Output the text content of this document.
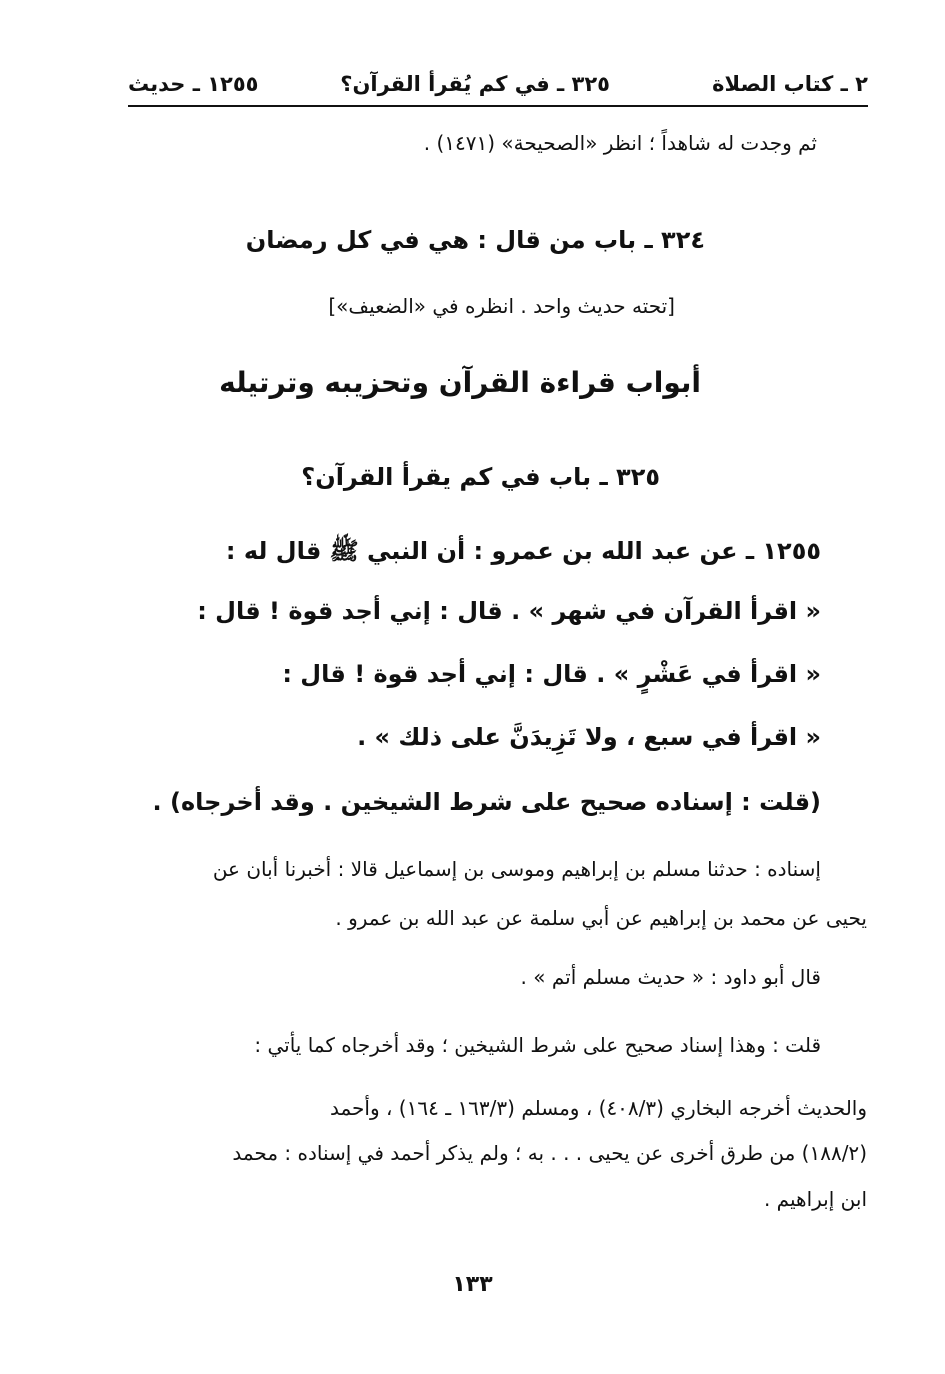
٢ ـ كتاب الصلاة
٣٢٥ ـ في كم يُقرأ القرآن؟
١٢٥٥ ـ حديث
ثم وجدت له شاهداً ؛ انظر «الصحيحة» (١٤٧١) .
٣٢٤ ـ باب من قال : هي في كل رمضان
[تحته حديث واحد . انظره في «الضعيف»]
أبواب قراءة القرآن وتحزيبه وترتيله
٣٢٥ ـ باب في كم يقرأ القرآن؟
١٢٥٥ ـ عن عبد الله بن عمرو : أن النبي ﷺ قال له :
« اقرأ القرآن في شهر » . قال : إني أجد قوة ! قال :
« اقرأ في عَشْرٍ » . قال : إني أجد قوة ! قال :
« اقرأ في سبع ، ولا تَزِيدَنَّ على ذلك » .
(قلت : إسناده صحيح على شرط الشيخين . وقد أخرجاه) .
إسناده : حدثنا مسلم بن إبراهيم وموسى بن إسماعيل قالا : أخبرنا أبان عن
يحيى عن محمد بن إبراهيم عن أبي سلمة عن عبد الله بن عمرو .
قال أبو داود : « حديث مسلم أتم » .
قلت : وهذا إسناد صحيح على شرط الشيخين ؛ وقد أخرجاه كما يأتي :
والحديث أخرجه البخاري (٤٠٨/٣) ، ومسلم (١٦٣/٣ ـ ١٦٤) ، وأحمد
(١٨٨/٢) من طرق أخرى عن يحيى . . . به ؛ ولم يذكر أحمد في إسناده : محمد
ابن إبراهيم .
١٣٣
